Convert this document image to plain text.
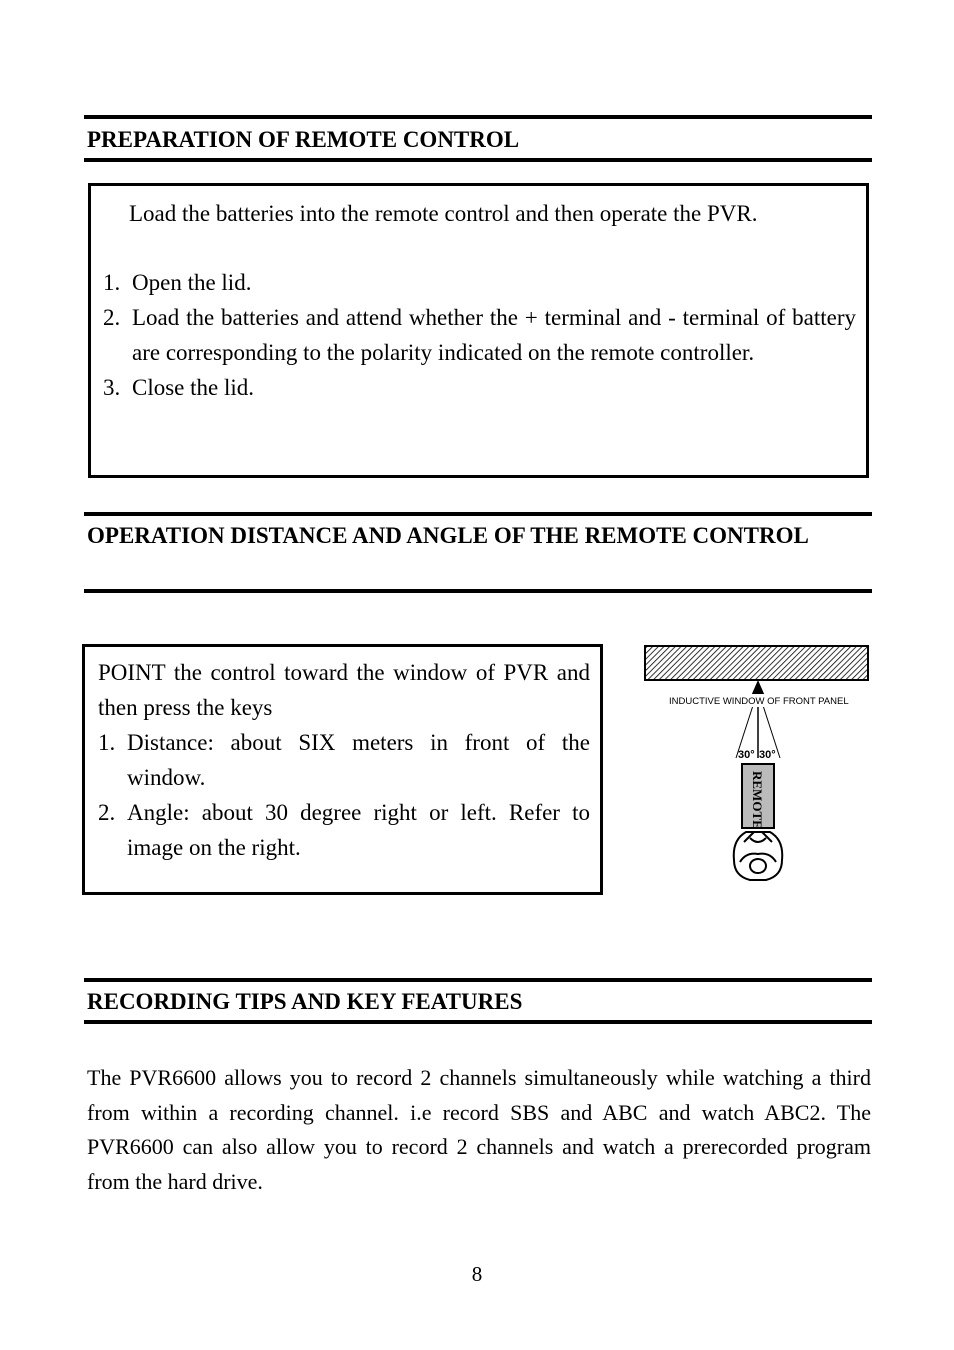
PREPARATION OF REMOTE CONTROL
Load the batteries into the remote control and then operate the PVR.
1. Open the lid.
2. Load the batteries and attend whether the + terminal and - terminal of battery are corresponding to the polarity indicated on the remote controller.
3. Close the lid.
OPERATION DISTANCE AND ANGLE OF THE REMOTE CONTROL
POINT the control toward the window of PVR and then press the keys
1. Distance: about SIX meters in front of the window.
2. Angle: about 30 degree right or left. Refer to image on the right.
INDUCTIVE WINDOW OF FRONT PANEL
30° 30°
REMOTE
RECORDING TIPS AND KEY FEATURES
The PVR6600 allows you to record 2 channels simultaneously while watching a third from within a recording channel. i.e record SBS and ABC and watch ABC2. The PVR6600 can also allow you to record 2 channels and watch a prerecorded program from the hard drive.
8
